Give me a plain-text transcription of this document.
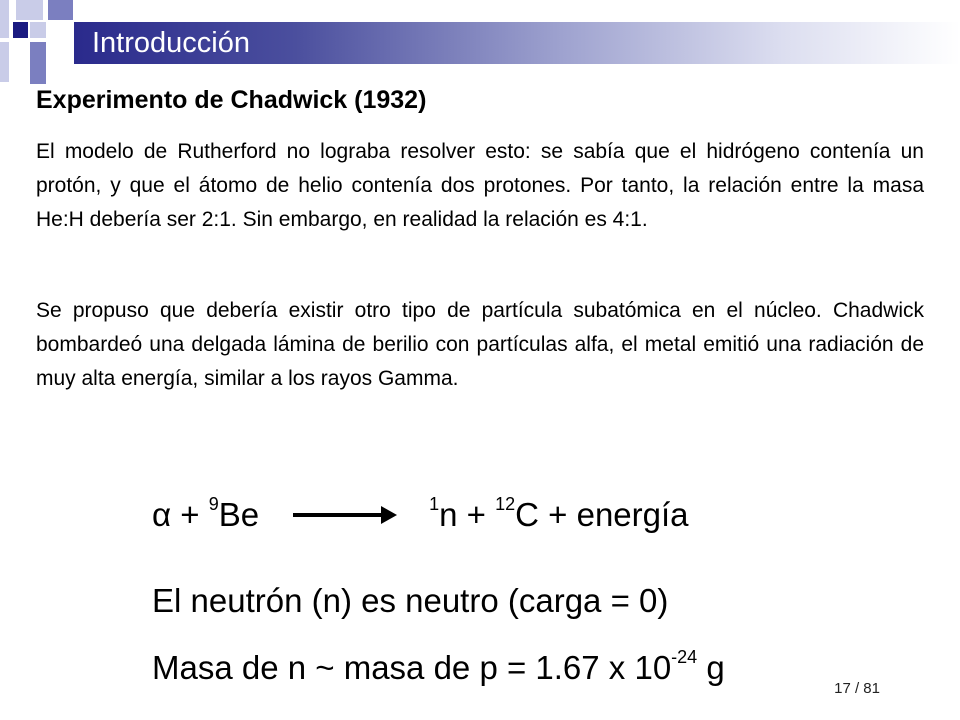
Introducción
Experimento de Chadwick (1932)

El modelo de Rutherford no lograba resolver esto: se sabía que el hidrógeno contenía un protón, y que el átomo de helio contenía dos protones. Por tanto, la relación entre la masa He:H debería ser 2:1. Sin embargo, en realidad la relación es 4:1.

Se propuso que debería existir otro tipo de partícula subatómica en el núcleo. Chadwick bombardeó una delgada lámina de berilio con partículas alfa, el metal emitió una radiación de muy alta energía, similar a los rayos Gamma.

α + $^9$Be →$^1$n + $^{12}$C + energía
El neutrón (n) es neutro (carga = 0)
Masa de n ~ masa de p = 1.67 x $10^{-24}$ g
17 / 81
